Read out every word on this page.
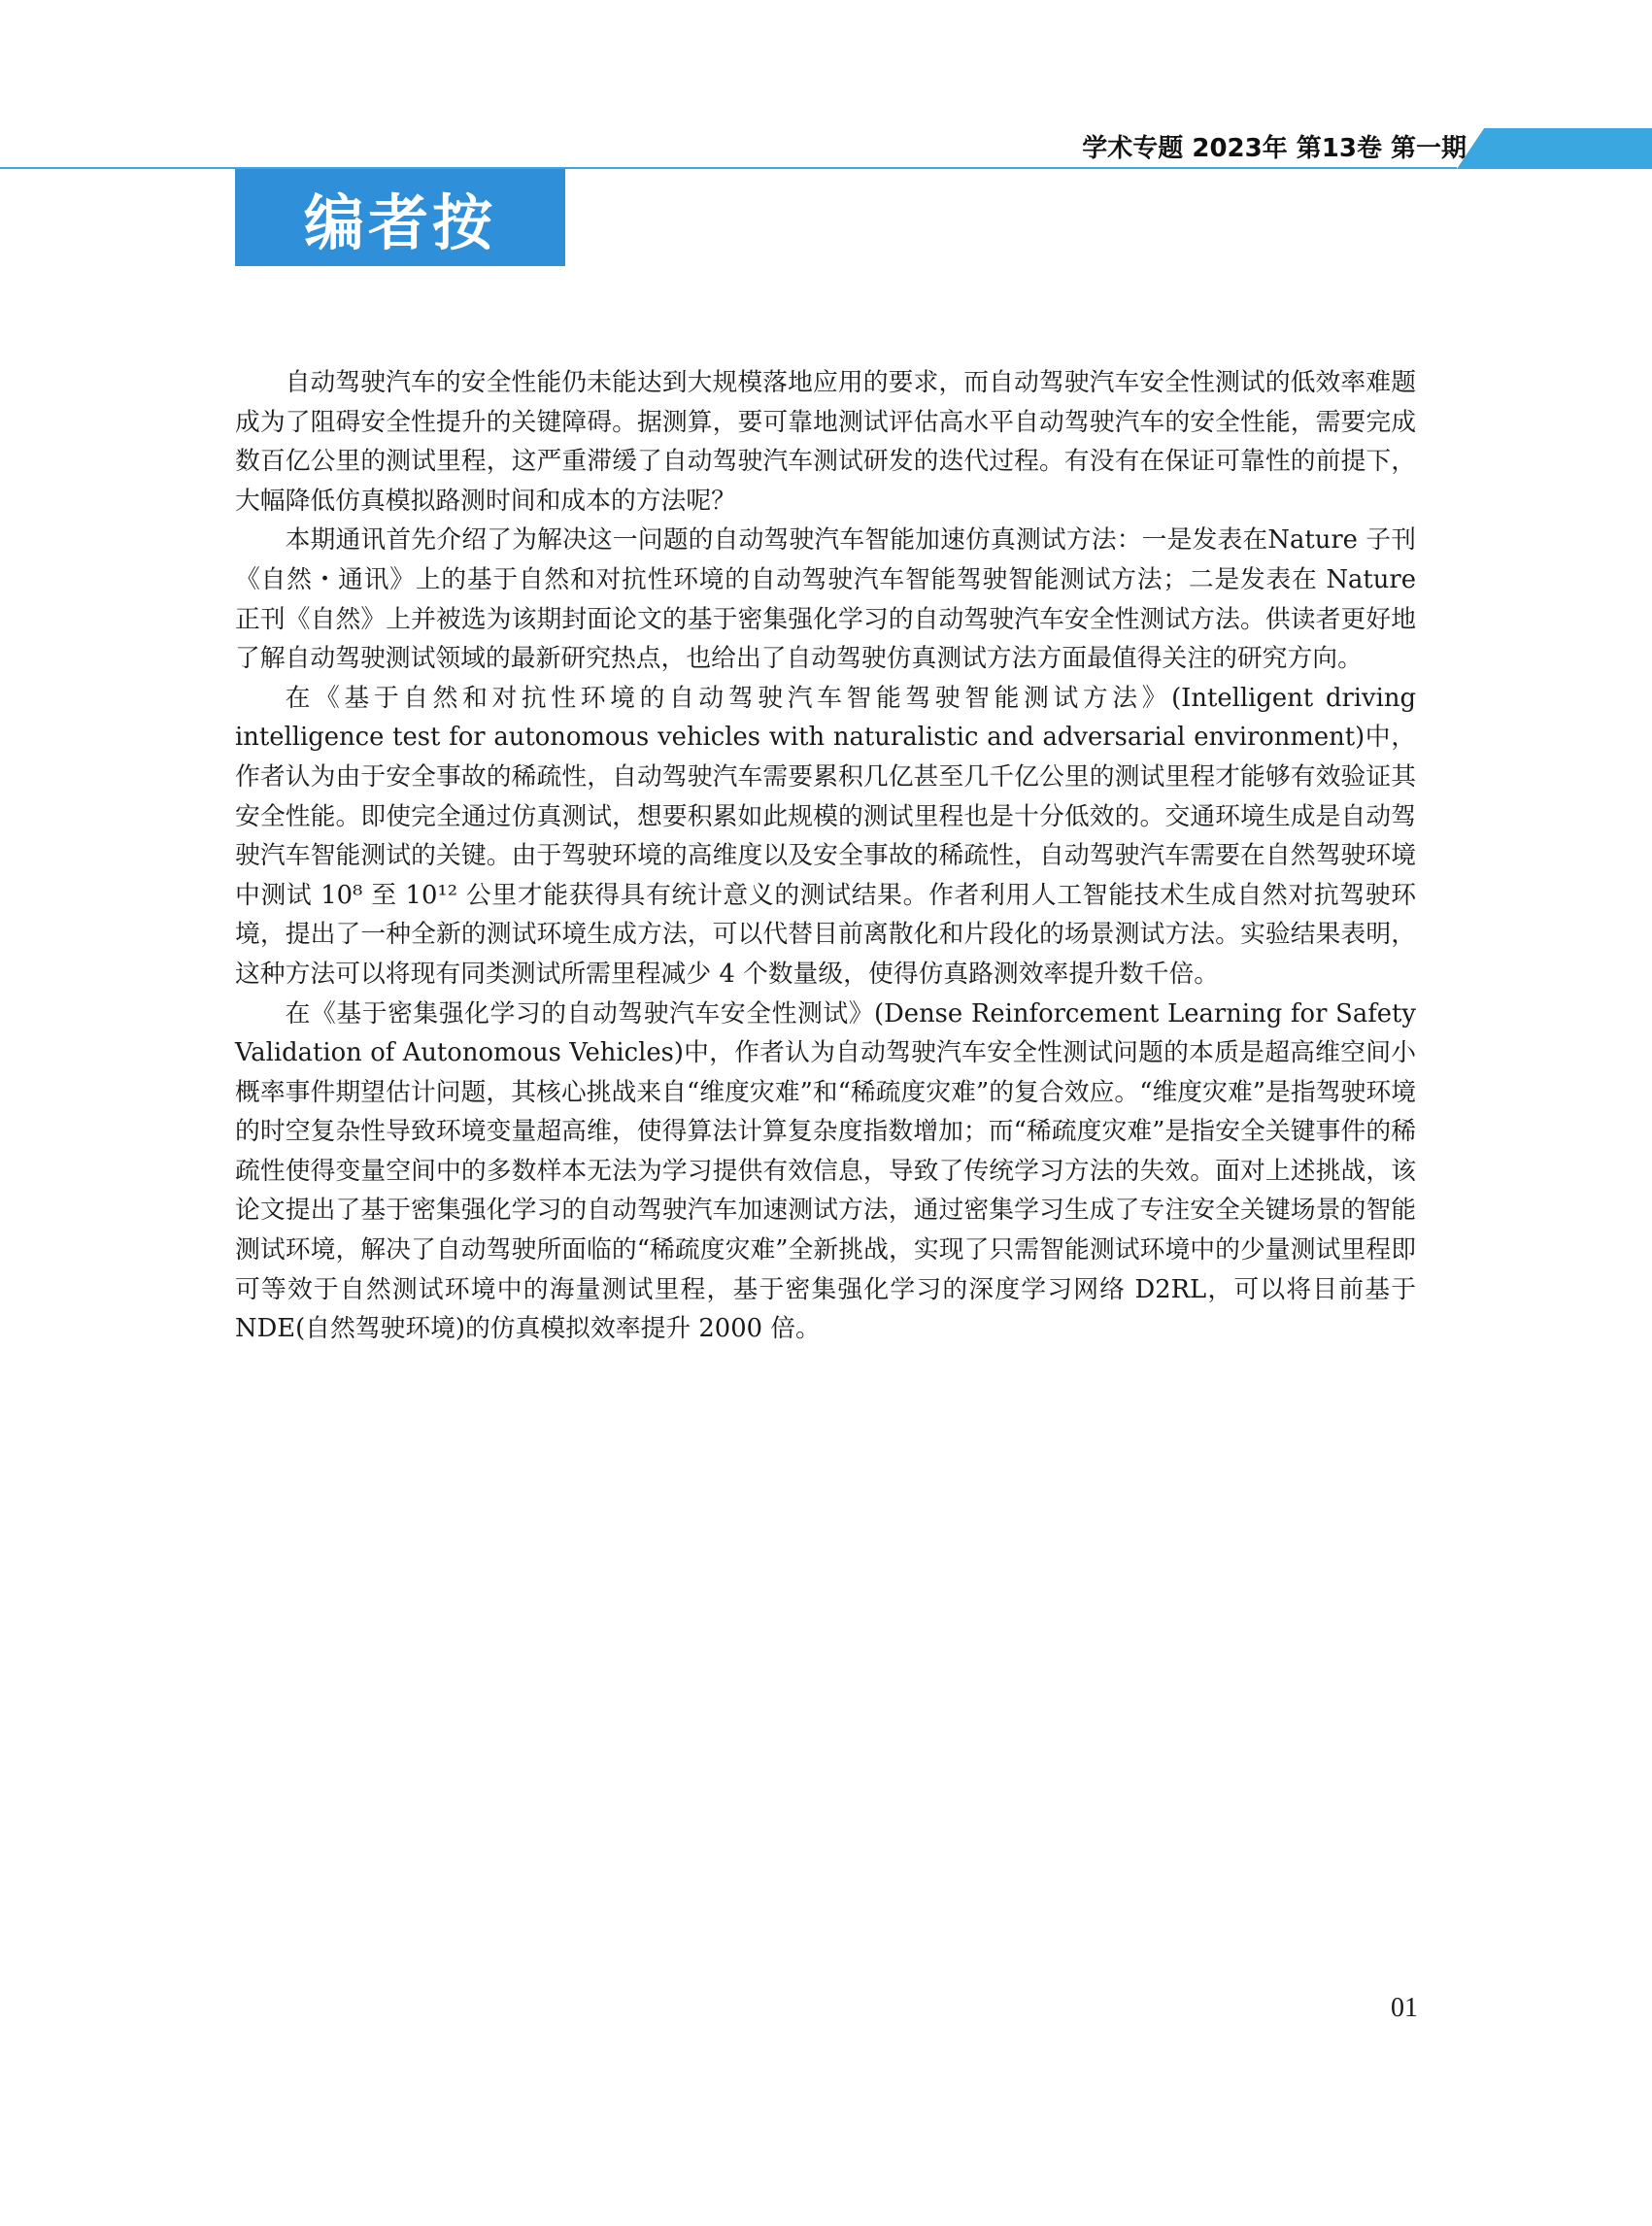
学术专题 2023年 第13卷 第一期
编者按

自动驾驶汽车的安全性能仍未能达到大规模落地应用的要求，而自动驾驶汽车安全性测试的低效率难题成为了阻碍安全性提升的关键障碍。据测算，要可靠地测试评估高水平自动驾驶汽车的安全性能，需要完成数百亿公里的测试里程，这严重滞缓了自动驾驶汽车测试研发的迭代过程。有没有在保证可靠性的前提下，大幅降低仿真模拟路测时间和成本的方法呢？

本期通讯首先介绍了为解决这一问题的自动驾驶汽车智能加速仿真测试方法：一是发表在Nature 子刊《自然・通讯》上的基于自然和对抗性环境的自动驾驶汽车智能驾驶智能测试方法；二是发表在 Nature 正刊《自然》上并被选为该期封面论文的基于密集强化学习的自动驾驶汽车安全性测试方法。供读者更好地了解自动驾驶测试领域的最新研究热点，也给出了自动驾驶仿真测试方法方面最值得关注的研究方向。

在《基于自然和对抗性环境的自动驾驶汽车智能驾驶智能测试方法》(Intelligent driving intelligence test for autonomous vehicles with naturalistic and adversarial environment)中，作者认为由于安全事故的稀疏性，自动驾驶汽车需要累积几亿甚至几千亿公里的测试里程才能够有效验证其安全性能。即使完全通过仿真测试，想要积累如此规模的测试里程也是十分低效的。交通环境生成是自动驾驶汽车智能测试的关键。由于驾驶环境的高维度以及安全事故的稀疏性，自动驾驶汽车需要在自然驾驶环境中测试 10⁸ 至 10¹² 公里才能获得具有统计意义的测试结果。作者利用人工智能技术生成自然对抗驾驶环境，提出了一种全新的测试环境生成方法，可以代替目前离散化和片段化的场景测试方法。实验结果表明，这种方法可以将现有同类测试所需里程减少 4 个数量级，使得仿真路测效率提升数千倍。

在《基于密集强化学习的自动驾驶汽车安全性测试》(Dense Reinforcement Learning for Safety Validation of Autonomous Vehicles)中，作者认为自动驾驶汽车安全性测试问题的本质是超高维空间小概率事件期望估计问题，其核心挑战来自“维度灾难”和“稀疏度灾难”的复合效应。“维度灾难”是指驾驶环境的时空复杂性导致环境变量超高维，使得算法计算复杂度指数增加；而“稀疏度灾难”是指安全关键事件的稀疏性使得变量空间中的多数样本无法为学习提供有效信息，导致了传统学习方法的失效。面对上述挑战，该论文提出了基于密集强化学习的自动驾驶汽车加速测试方法，通过密集学习生成了专注安全关键场景的智能测试环境，解决了自动驾驶所面临的“稀疏度灾难”全新挑战，实现了只需智能测试环境中的少量测试里程即可等效于自然测试环境中的海量测试里程，基于密集强化学习的深度学习网络 D2RL，可以将目前基于 NDE(自然驾驶环境)的仿真模拟效率提升 2000 倍。

01
